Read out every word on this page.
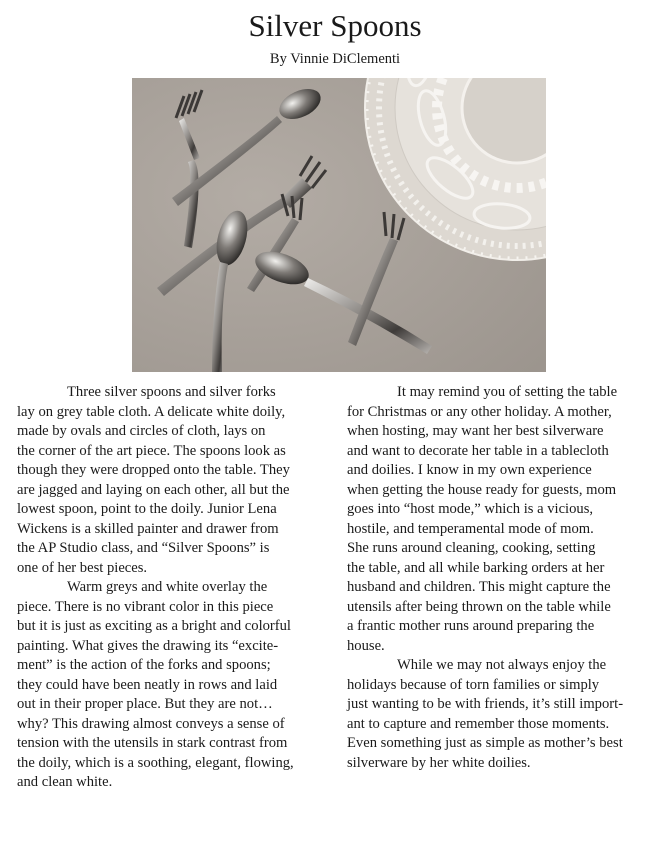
Silver Spoons
By Vinnie DiClementi

Three silver spoons and silver forks
lay on grey table cloth. A delicate white doily,
made by ovals and circles of cloth, lays on
the corner of the art piece. The spoons look as
though they were dropped onto the table. They
are jagged and laying on each other, all but the
lowest spoon, point to the doily. Junior Lena
Wickens is a skilled painter and drawer from
the AP Studio class, and “Silver Spoons” is
one of her best pieces.

Warm greys and white overlay the
piece. There is no vibrant color in this piece
but it is just as exciting as a bright and colorful
painting. What gives the drawing its “excite-
ment” is the action of the forks and spoons;
they could have been neatly in rows and laid
out in their proper place. But they are not…
why? This drawing almost conveys a sense of
tension with the utensils in stark contrast from
the doily, which is a soothing, elegant, flowing,
and clean white.

It may remind you of setting the table
for Christmas or any other holiday. A mother,
when hosting, may want her best silverware
and want to decorate her table in a tablecloth
and doilies. I know in my own experience
when getting the house ready for guests, mom
goes into “host mode,” which is a vicious,
hostile, and temperamental mode of mom.
She runs around cleaning, cooking, setting
the table, and all while barking orders at her
husband and children. This might capture the
utensils after being thrown on the table while
a frantic mother runs around preparing the
house.

While we may not always enjoy the
holidays because of torn families or simply
just wanting to be with friends, it’s still import-
ant to capture and remember those moments.
Even something just as simple as mother’s best
silverware by her white doilies.
